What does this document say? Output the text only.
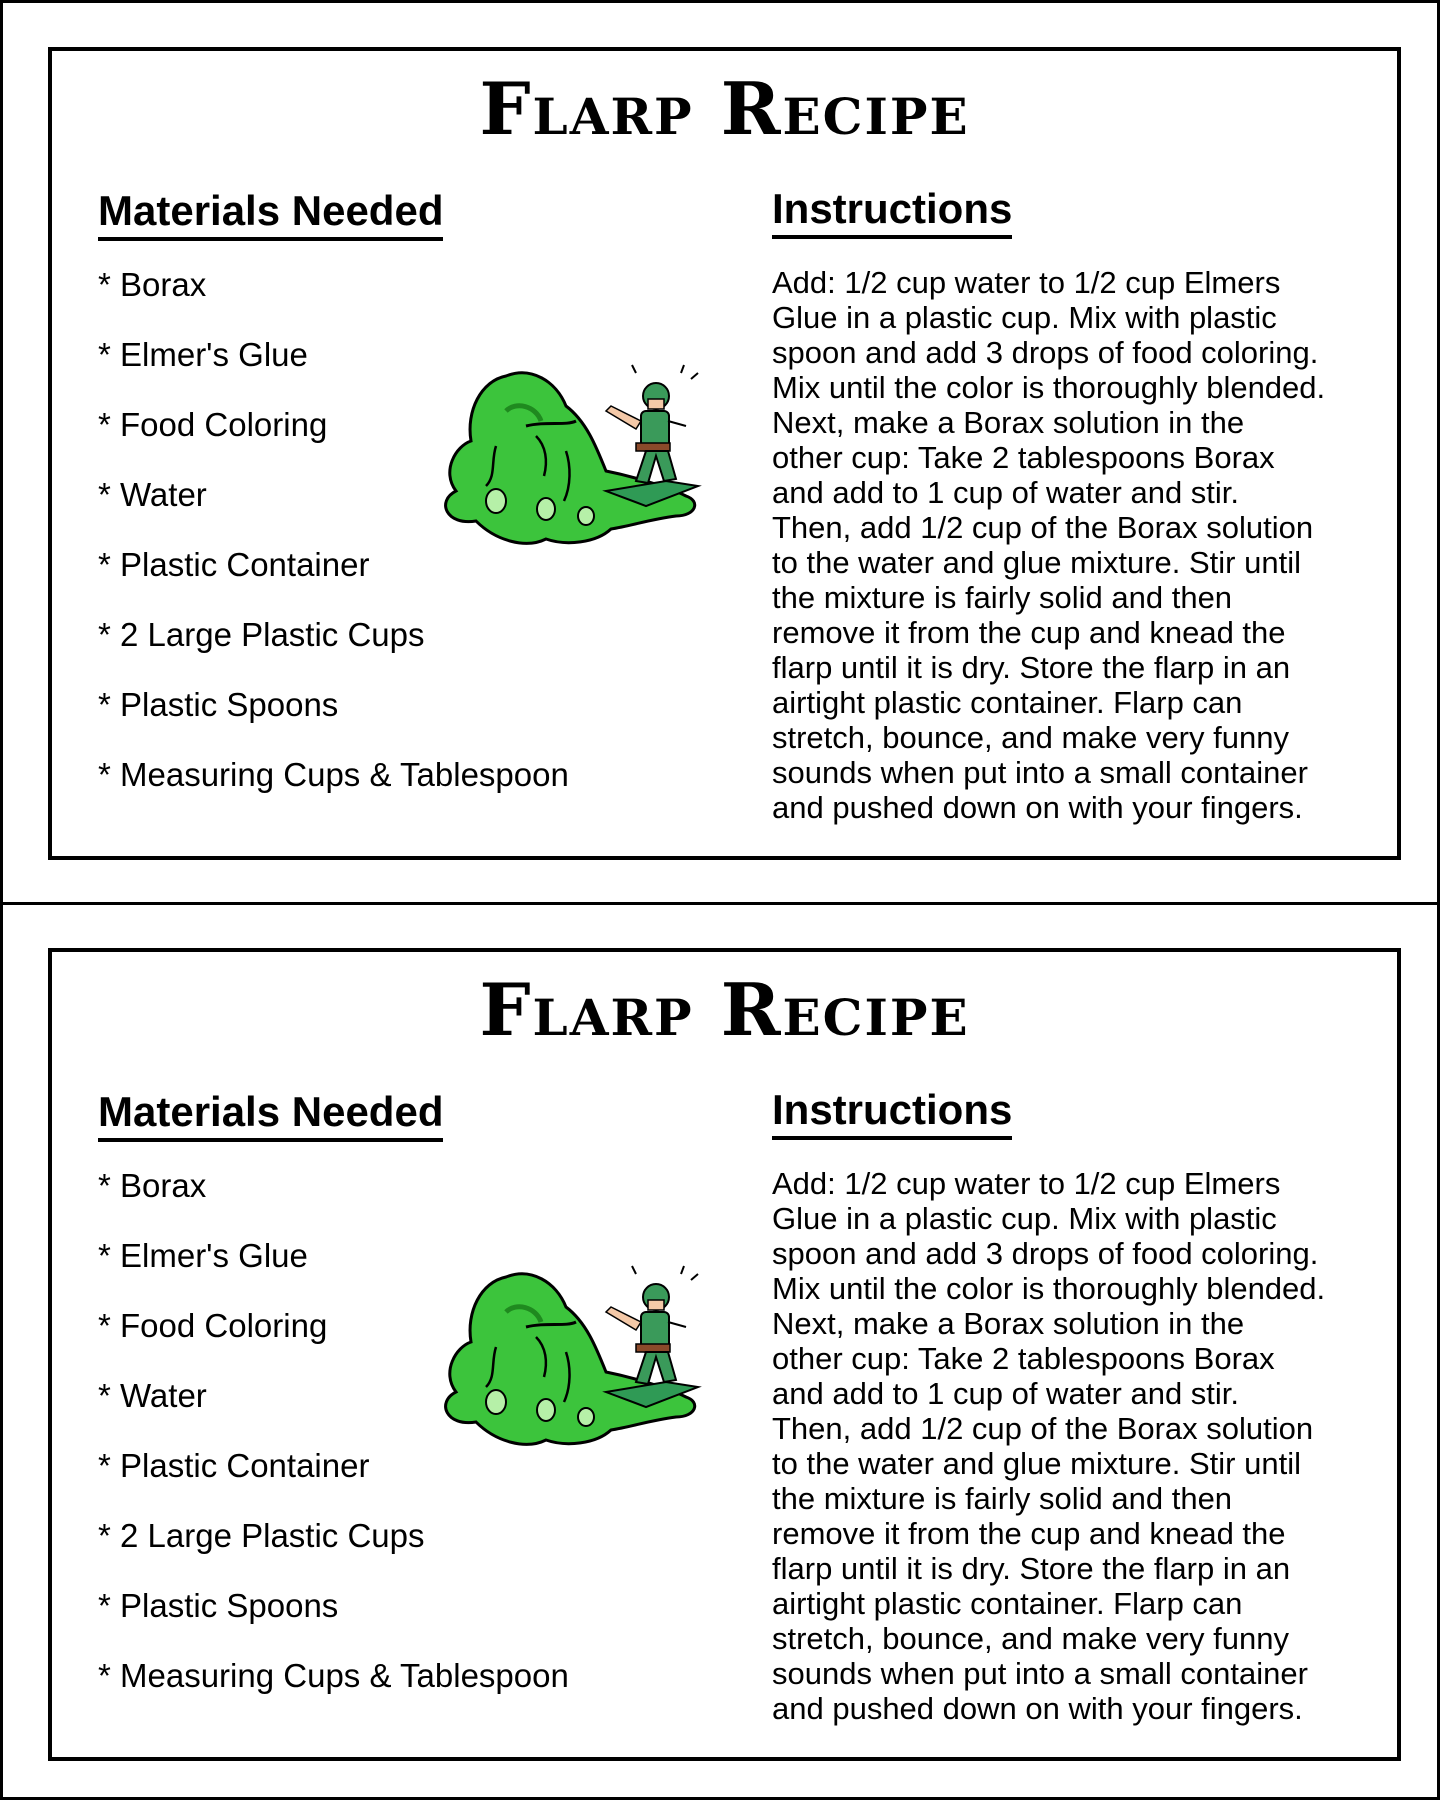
Flarp Recipe
Materials Needed	Instructions
* Borax
* Elmer's Glue
* Food Coloring
* Water
* Plastic Container
* 2 Large Plastic Cups
* Plastic Spoons
* Measuring Cups & Tablespoon

Add: 1/2 cup water to 1/2 cup Elmers
Glue in a plastic cup. Mix with plastic
spoon and add 3 drops of food coloring.
Mix until the color is thoroughly blended.
Next, make a Borax solution in the
other cup: Take 2 tablespoons Borax
and add to 1 cup of water and stir.
Then, add 1/2 cup of the Borax solution
to the water and glue mixture. Stir until
the mixture is fairly solid and then
remove it from the cup and knead the
flarp until it is dry. Store the flarp in an
airtight plastic container. Flarp can
stretch, bounce, and make very funny
sounds when put into a small container
and pushed down on with your fingers.

Flarp Recipe
Materials Needed	Instructions
* Borax
* Elmer's Glue
* Food Coloring
* Water
* Plastic Container
* 2 Large Plastic Cups
* Plastic Spoons
* Measuring Cups & Tablespoon

Add: 1/2 cup water to 1/2 cup Elmers
Glue in a plastic cup. Mix with plastic
spoon and add 3 drops of food coloring.
Mix until the color is thoroughly blended.
Next, make a Borax solution in the
other cup: Take 2 tablespoons Borax
and add to 1 cup of water and stir.
Then, add 1/2 cup of the Borax solution
to the water and glue mixture. Stir until
the mixture is fairly solid and then
remove it from the cup and knead the
flarp until it is dry. Store the flarp in an
airtight plastic container. Flarp can
stretch, bounce, and make very funny
sounds when put into a small container
and pushed down on with your fingers.
